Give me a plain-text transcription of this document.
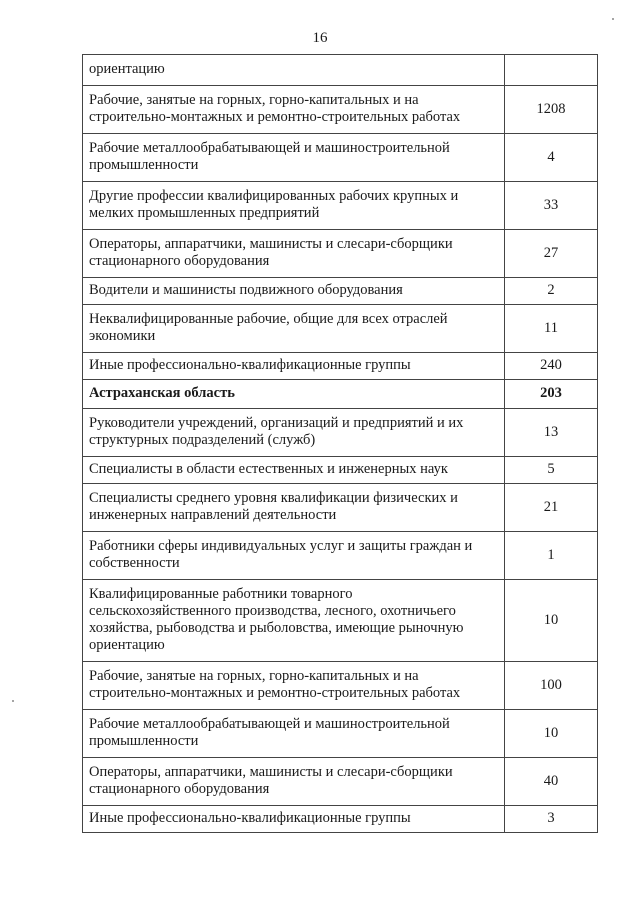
16
ориентацию	
Рабочие, занятые на горных, горно-капитальных и на строительно-монтажных и ремонтно-строительных работах	1208
Рабочие металлообрабатывающей и машиностроительной промышленности	4
Другие профессии квалифицированных рабочих крупных и мелких промышленных предприятий	33
Операторы, аппаратчики, машинисты и слесари-сборщики стационарного оборудования	27
Водители и машинисты подвижного оборудования	2
Неквалифицированные рабочие, общие для всех отраслей экономики	11
Иные профессионально-квалификационные группы	240
Астраханская область	203
Руководители учреждений, организаций и предприятий и их структурных подразделений (служб)	13
Специалисты в области естественных и инженерных наук	5
Специалисты среднего уровня квалификации физических и инженерных направлений деятельности	21
Работники сферы индивидуальных услуг и защиты граждан и собственности	1
Квалифицированные работники товарного сельскохозяйственного производства, лесного, охотничьего хозяйства, рыбоводства и рыболовства, имеющие рыночную ориентацию	10
Рабочие, занятые на горных, горно-капитальных и на строительно-монтажных и ремонтно-строительных работах	100
Рабочие металлообрабатывающей и машиностроительной промышленности	10
Операторы, аппаратчики, машинисты и слесари-сборщики стационарного оборудования	40
Иные профессионально-квалификационные группы	3
